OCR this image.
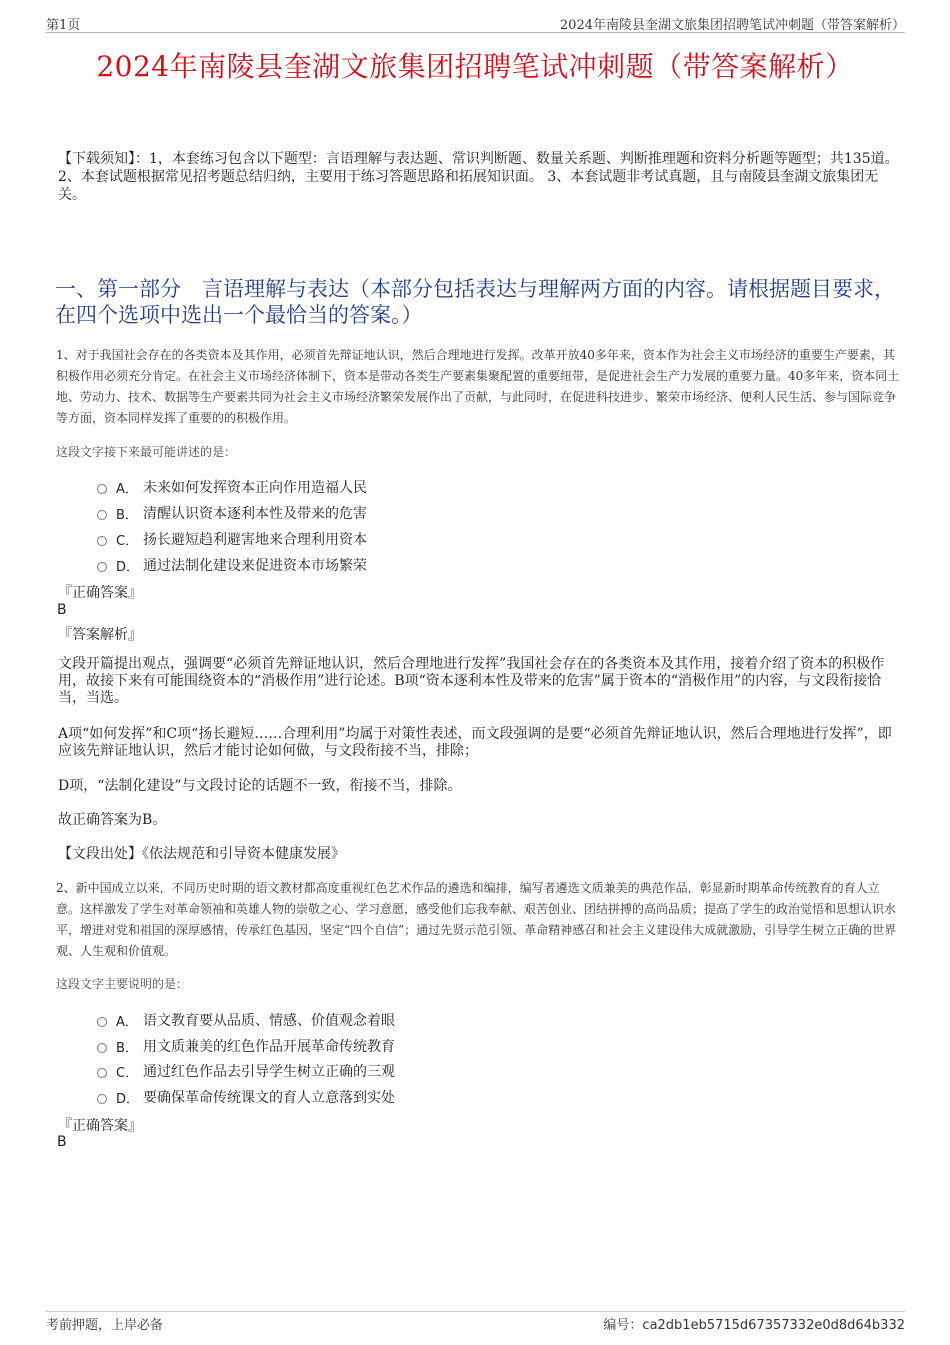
第1页	2024年南陵县奎湖文旅集团招聘笔试冲刺题（带答案解析）
2024年南陵县奎湖文旅集团招聘笔试冲刺题（带答案解析）
【下载须知】：1，本套练习包含以下题型：言语理解与表达题、常识判断题、数量关系题、判断推理题和资料分析题等题型；共135道。 2、本套试题根据常见招考题总结归纳，主要用于练习答题思路和拓展知识面。 3、本套试题非考试真题，且与南陵县奎湖文旅集团无关。
一、第一部分　言语理解与表达（本部分包括表达与理解两方面的内容。请根据题目要求，在四个选项中选出一个最恰当的答案。）
1、对于我国社会存在的各类资本及其作用，必须首先辩证地认识，然后合理地进行发挥。改革开放40多年来，资本作为社会主义市场经济的重要生产要素，其积极作用必须充分肯定。在社会主义市场经济体制下，资本是带动各类生产要素集聚配置的重要纽带，是促进社会生产力发展的重要力量。40多年来，资本同土地、劳动力、技术、数据等生产要素共同为社会主义市场经济繁荣发展作出了贡献，与此同时，在促进科技进步、繁荣市场经济、便利人民生活、参与国际竞争等方面，资本同样发挥了重要的的积极作用。
这段文字接下来最可能讲述的是：
A． 未来如何发挥资本正向作用造福人民
B． 清醒认识资本逐利本性及带来的危害
C． 扬长避短趋利避害地来合理利用资本
D． 通过法制化建设来促进资本市场繁荣
『正确答案』
B
『答案解析』
文段开篇提出观点，强调要“必须首先辩证地认识，然后合理地进行发挥”我国社会存在的各类资本及其作用，接着介绍了资本的积极作用，故接下来有可能围绕资本的“消极作用”进行论述。B项“资本逐利本性及带来的危害”属于资本的“消极作用”的内容，与文段衔接恰当，当选。
A项“如何发挥”和C项“扬长避短……合理利用”均属于对策性表述，而文段强调的是要“必须首先辩证地认识，然后合理地进行发挥”，即应该先辩证地认识，然后才能讨论如何做，与文段衔接不当，排除；
D项，“法制化建设”与文段讨论的话题不一致，衔接不当，排除。
故正确答案为B。
【文段出处】《依法规范和引导资本健康发展》
2、新中国成立以来，不同历史时期的语文教材都高度重视红色艺术作品的遴选和编排，编写者遴选文质兼美的典范作品，彰显新时期革命传统教育的育人立意。这样激发了学生对革命领袖和英雄人物的崇敬之心、学习意愿，感受他们忘我奉献、艰苦创业、团结拼搏的高尚品质；提高了学生的政治觉悟和思想认识水平，增进对党和祖国的深厚感情，传承红色基因，坚定“四个自信”；通过先贤示范引领、革命精神感召和社会主义建设伟大成就激励，引导学生树立正确的世界观、人生观和价值观。
这段文字主要说明的是：
A． 语文教育要从品质、情感、价值观念着眼
B． 用文质兼美的红色作品开展革命传统教育
C． 通过红色作品去引导学生树立正确的三观
D． 要确保革命传统课文的育人立意落到实处
『正确答案』
B
考前押题，上岸必备	编号：ca2db1eb5715d67357332e0d8d64b332
